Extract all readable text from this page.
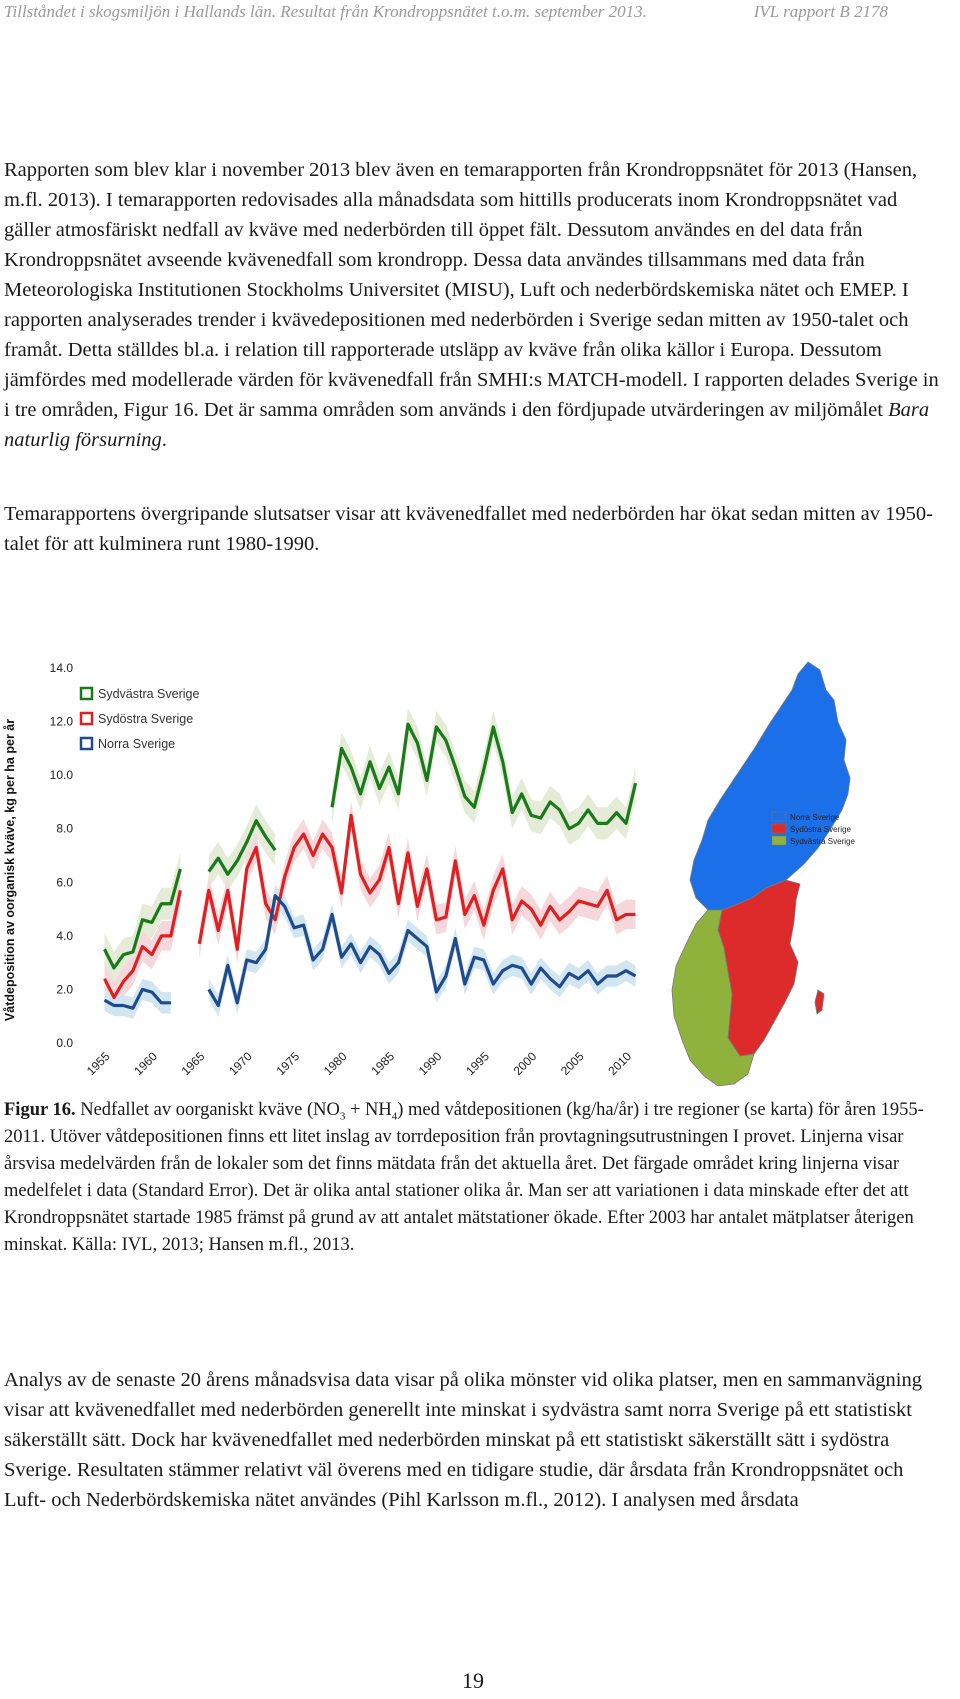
Tillståndet i skogsmiljön i Hallands län. Resultat från Krondroppsnätet t.o.m. september 2013.	IVL rapport B 2178

Rapporten som blev klar i november 2013 blev även en temarapporten från Krondroppsnätet för 2013 (Hansen, m.fl. 2013). I temarapporten redovisades alla månadsdata som hittills producerats inom Krondroppsnätet vad gäller atmosfäriskt nedfall av kväve med nederbörden till öppet fält. Dessutom användes en del data från Krondroppsnätet avseende kvävenedfall som krondropp. Dessa data användes tillsammans med data från Meteorologiska Institutionen Stockholms Universitet (MISU), Luft och nederbördskemiska nätet och EMEP. I rapporten analyserades trender i kvävedepositionen med nederbörden i Sverige sedan mitten av 1950-talet och framåt. Detta ställdes bl.a. i relation till rapporterade utsläpp av kväve från olika källor i Europa. Dessutom jämfördes med modellerade värden för kvävenedfall från SMHI:s MATCH-modell. I rapporten delades Sverige in i tre områden, Figur 16. Det är samma områden som används i den fördjupade utvärderingen av miljömålet Bara naturlig försurning.

Temarapportens övergripande slutsatser visar att kvävenedfallet med nederbörden har ökat sedan mitten av 1950-talet för att kulminera runt 1980-1990.

Våtdeposition av oorganisk kväve, kg per ha per år
0.0
2.0
4.0
6.0
8.0
10.0
12.0
14.0
1955 1960 1965 1970 1975 1980 1985 1990 1995 2000 2005 2010
Sydvästra Sverige
Sydöstra Sverige
Norra Sverige
Norra Sverige
Sydöstra Sverige
Sydvästra Sverige

Figur 16. Nedfallet av oorganiskt kväve $(NO_3 + NH_4)$ med våtdepositionen (kg/ha/år) i tre regioner (se karta) för åren 1955-2011. Utöver våtdepositionen finns ett litet inslag av torrdeposition från provtagningsutrustningen I provet. Linjerna visar årsvisa medelvärden från de lokaler som det finns mätdata från det aktuella året. Det färgade området kring linjerna visar medelfelet i data (Standard Error). Det är olika antal stationer olika år. Man ser att variationen i data minskade efter det att Krondroppsnätet startade 1985 främst på grund av att antalet mätstationer ökade. Efter 2003 har antalet mätplatser återigen minskat. Källa: IVL, 2013; Hansen m.fl., 2013.

Analys av de senaste 20 årens månadsvisa data visar på olika mönster vid olika platser, men en sammanvägning visar att kvävenedfallet med nederbörden generellt inte minskat i sydvästra samt norra Sverige på ett statistiskt säkerställt sätt. Dock har kvävenedfallet med nederbörden minskat på ett statistiskt säkerställt sätt i sydöstra Sverige. Resultaten stämmer relativt väl överens med en tidigare studie, där årsdata från Krondroppsnätet och Luft- och Nederbördskemiska nätet användes (Pihl Karlsson m.fl., 2012). I analysen med årsdata

19
